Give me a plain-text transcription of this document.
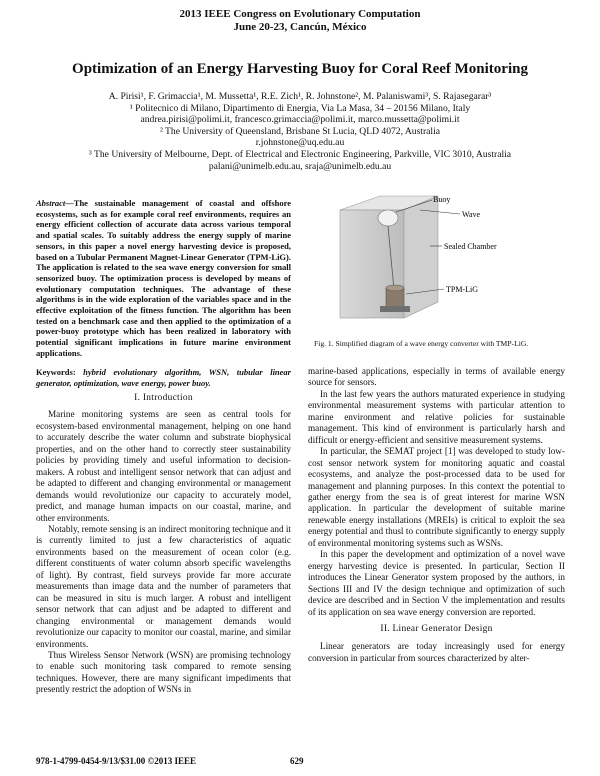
2013 IEEE Congress on Evolutionary Computation
June 20-23, Cancún, México
Optimization of an Energy Harvesting Buoy for Coral Reef Monitoring
A. Pirisi¹, F. Grimaccia¹, M. Mussetta¹, R.E. Zich¹, R. Johnstone², M. Palaniswami³, S. Rajasegarar³
¹ Politecnico di Milano, Dipartimento di Energia, Via La Masa, 34 – 20156 Milano, Italy
andrea.pirisi@polimi.it, francesco.grimaccia@polimi.it, marco.mussetta@polimi.it
² The University of Queensland, Brisbane St Lucia, QLD 4072, Australia
r.johnstone@uq.edu.au
³ The University of Melbourne, Dept. of Electrical and Electronic Engineering, Parkville, VIC 3010, Australia
palani@unimelb.edu.au, sraja@unimelb.edu.au
Abstract—The sustainable management of coastal and offshore ecosystems, such as for example coral reef environments, requires an energy efficient collection of accurate data across various temporal and spatial scales. To suitably address the energy supply of marine sensors, in this paper a novel energy harvesting device is proposed, based on a Tubular Permanent Magnet-Linear Generator (TPM-LiG). The application is related to the sea wave energy conversion for small sensorized buoy. The optimization process is developed by means of evolutionary computation techniques. The advantage of these algorithms is in the wide exploration of the variables space and in the effective exploitation of the fitness function. The algorithm has been tested on a benchmark case and then applied to the optimization of a power-buoy prototype which has been realized in laboratory with potential significant implications in future marine environment applications.
Keywords: hybrid evolutionary algorithm, WSN, tubular linear generator, optimization, wave energy, power buoy.
I. Introduction

Marine monitoring systems are seen as central tools for ecosystem-based environmental management, helping on one hand to accurately describe the water column and substrate biophysical properties, and on the other hand to correctly steer sustainability policies by providing timely and useful information to decision-makers. A robust and intelligent sensor network that can adjust and be adapted to different and changing environmental or management demands would revolutionize our capacity to accurately model, predict, and manage human impacts on our coastal, marine, and other environments.

Notably, remote sensing is an indirect monitoring technique and it is currently limited to just a few characteristics of aquatic environments based on the measurement of ocean color (e.g. different constituents of water column absorb specific wavelengths of light). By contrast, field surveys provide far more accurate measurements than image data and the number of parameters that can be measured in situ is much larger. A robust and intelligent sensor network that can adjust and be adapted to different and changing environmental or management demands would revolutionize our capacity to monitor our coastal, marine, and similar environments.

Thus Wireless Sensor Network (WSN) are promising technology to enable such monitoring task compared to remote sensing techniques. However, there are many significant impediments that presently restrict the adoption of WSNs in

Buoy
Wave
Sealed Chamber
TPM-LiG
Fig. 1. Simplified diagram of a wave energy converter with TMP-LiG.
marine-based applications, especially in terms of available energy source for sensors.

In the last few years the authors maturated experience in studying environmental measurement systems with particular attention to marine environment and relative policies for sustainable management. This kind of environment is particularly harsh and difficult or energy-efficient and sensitive measurement systems.

In particular, the SEMAT project [1] was developed to study low-cost sensor network system for monitoring aquatic and coastal ecosystems, and analyze the post-processed data to be used for management and planning purposes. In this context the potential to gather energy from the sea is of great interest for marine WSN application. In particular the development of suitable marine renewable energy installations (MREIs) is critical to exploit the sea energy potential and thusl to contribute significantly to energy supply of environmental monitoring systems such as WSNs.

In this paper the development and optimization of a novel wave energy harvesting device is presented. In particular, Section II introduces the Linear Generator system proposed by the authors, in Sections III and IV the design technique and optimization of such device are described and in Section V the implementation and results of its application on sea wave energy conversion are reported.

II. Linear Generator Design

Linear generators are today increasingly used for energy conversion in particular from sources characterized by alter-

978-1-4799-0454-9/13/$31.00 ©2013 IEEE	629
